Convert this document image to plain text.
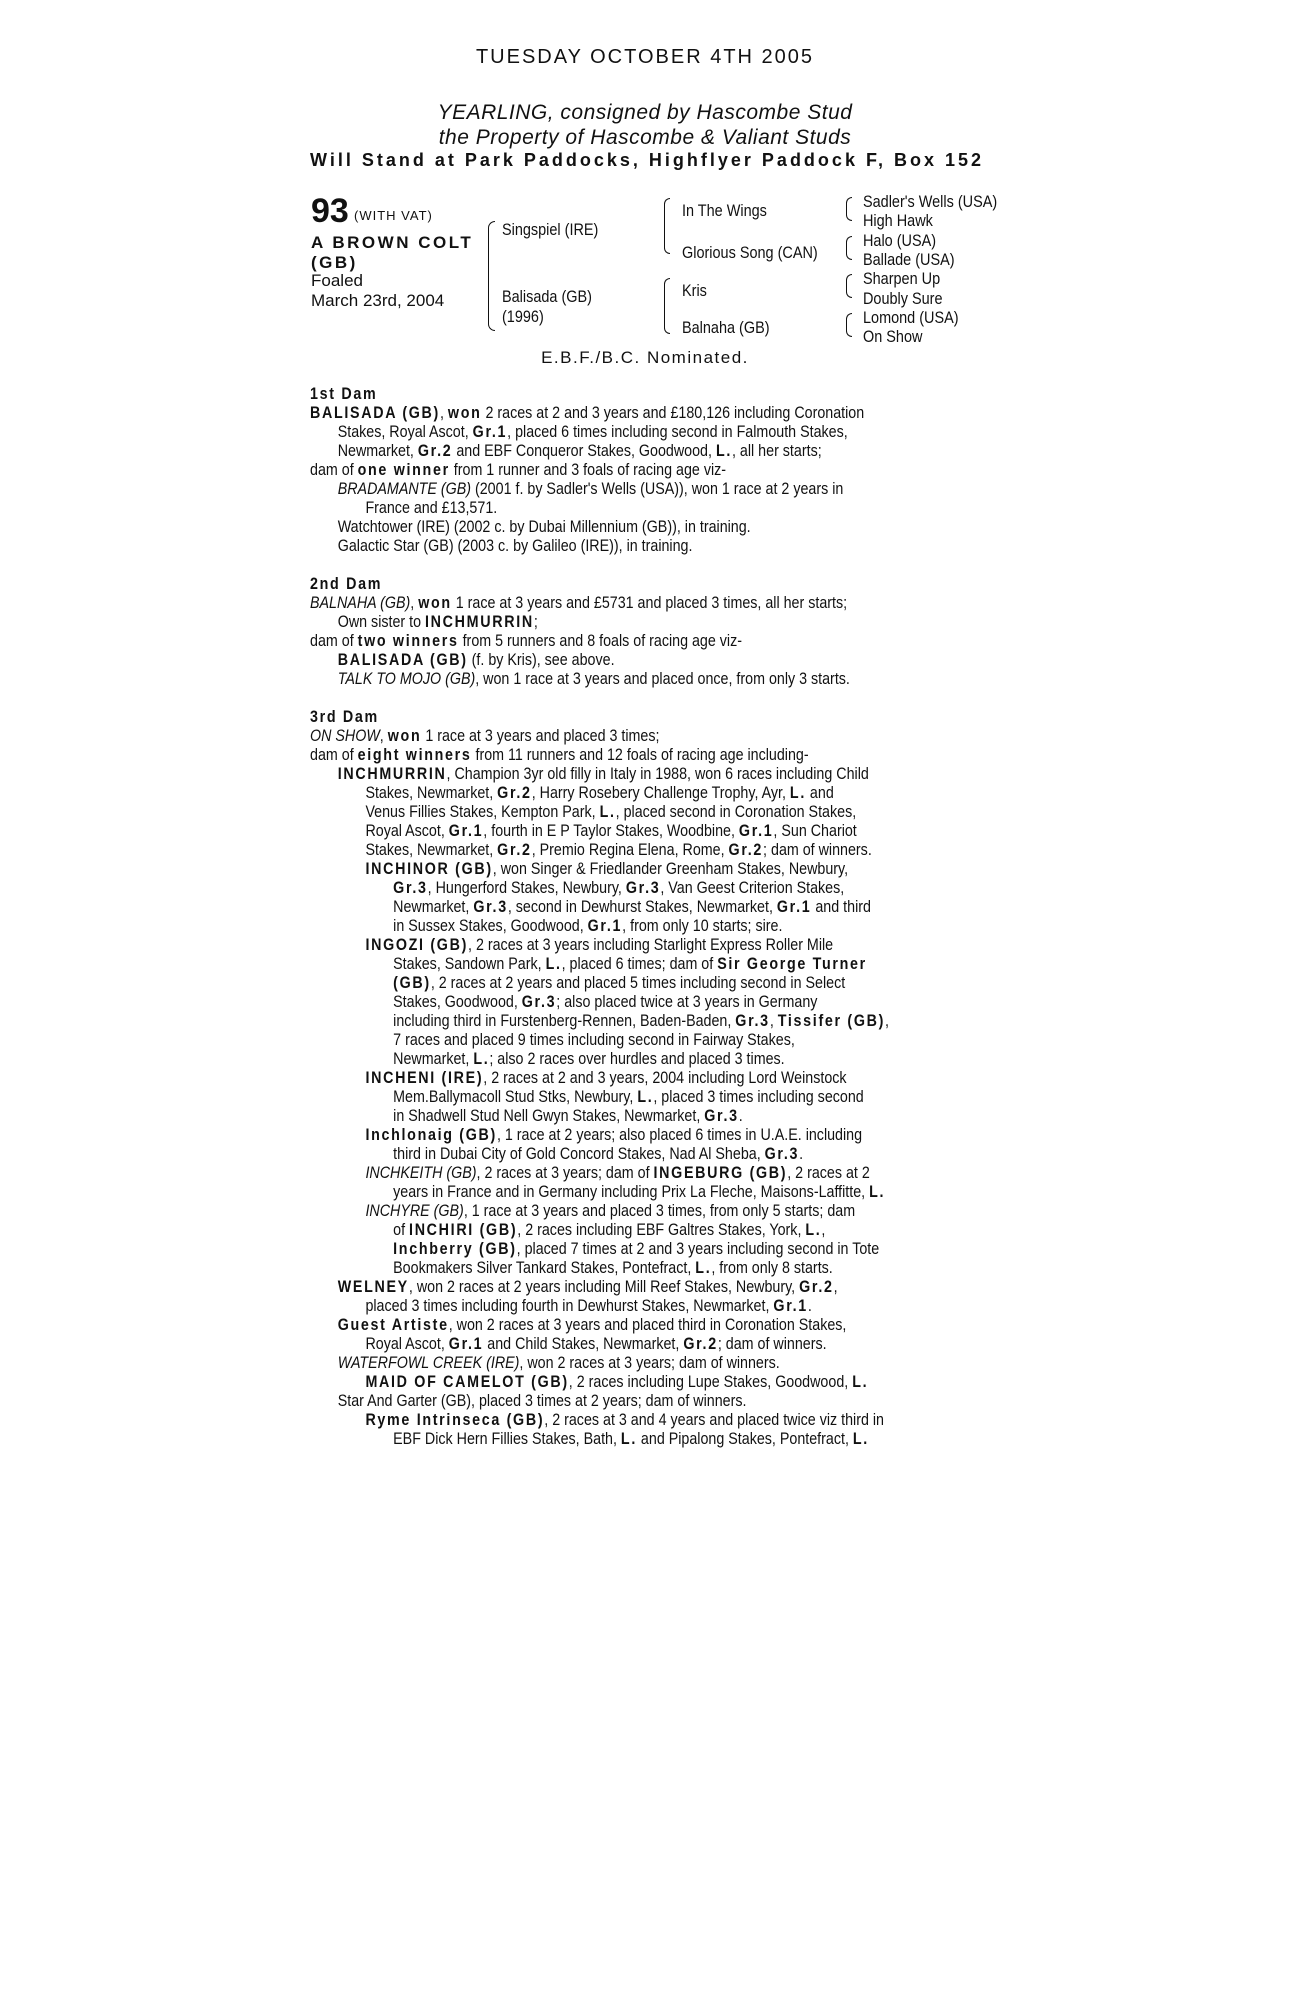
TUESDAY OCTOBER 4TH 2005
YEARLING, consigned by Hascombe Stud
the Property of Hascombe & Valiant Studs
Will Stand at Park Paddocks, Highflyer Paddock F, Box 152
93 (WITH VAT)
A BROWN COLT
(GB)
Foaled
March 23rd, 2004
Singspiel (IRE)
Balisada (GB)
(1996)
In The Wings
Glorious Song (CAN)
Kris
Balnaha (GB)
Sadler's Wells (USA)
High Hawk
Halo (USA)
Ballade (USA)
Sharpen Up
Doubly Sure
Lomond (USA)
On Show
E.B.F./B.C. Nominated.
1st Dam
BALISADA (GB), won 2 races at 2 and 3 years and £180,126 including Coronation
Stakes, Royal Ascot, Gr.1, placed 6 times including second in Falmouth Stakes,
Newmarket, Gr.2 and EBF Conqueror Stakes, Goodwood, L., all her starts;
dam of one winner from 1 runner and 3 foals of racing age viz-
BRADAMANTE (GB) (2001 f. by Sadler's Wells (USA)), won 1 race at 2 years in
France and £13,571.
Watchtower (IRE) (2002 c. by Dubai Millennium (GB)), in training.
Galactic Star (GB) (2003 c. by Galileo (IRE)), in training.
2nd Dam
BALNAHA (GB), won 1 race at 3 years and £5731 and placed 3 times, all her starts;
Own sister to INCHMURRIN;
dam of two winners from 5 runners and 8 foals of racing age viz-
BALISADA (GB) (f. by Kris), see above.
TALK TO MOJO (GB), won 1 race at 3 years and placed once, from only 3 starts.
3rd Dam
ON SHOW, won 1 race at 3 years and placed 3 times;
dam of eight winners from 11 runners and 12 foals of racing age including-
INCHMURRIN, Champion 3yr old filly in Italy in 1988, won 6 races including Child
Stakes, Newmarket, Gr.2, Harry Rosebery Challenge Trophy, Ayr, L. and
Venus Fillies Stakes, Kempton Park, L., placed second in Coronation Stakes,
Royal Ascot, Gr.1, fourth in E P Taylor Stakes, Woodbine, Gr.1, Sun Chariot
Stakes, Newmarket, Gr.2, Premio Regina Elena, Rome, Gr.2; dam of winners.
INCHINOR (GB), won Singer & Friedlander Greenham Stakes, Newbury,
Gr.3, Hungerford Stakes, Newbury, Gr.3, Van Geest Criterion Stakes,
Newmarket, Gr.3, second in Dewhurst Stakes, Newmarket, Gr.1 and third
in Sussex Stakes, Goodwood, Gr.1, from only 10 starts; sire.
INGOZI (GB), 2 races at 3 years including Starlight Express Roller Mile
Stakes, Sandown Park, L., placed 6 times; dam of Sir George Turner
(GB), 2 races at 2 years and placed 5 times including second in Select
Stakes, Goodwood, Gr.3; also placed twice at 3 years in Germany
including third in Furstenberg-Rennen, Baden-Baden, Gr.3, Tissifer (GB),
7 races and placed 9 times including second in Fairway Stakes,
Newmarket, L.; also 2 races over hurdles and placed 3 times.
INCHENI (IRE), 2 races at 2 and 3 years, 2004 including Lord Weinstock
Mem.Ballymacoll Stud Stks, Newbury, L., placed 3 times including second
in Shadwell Stud Nell Gwyn Stakes, Newmarket, Gr.3.
Inchlonaig (GB), 1 race at 2 years; also placed 6 times in U.A.E. including
third in Dubai City of Gold Concord Stakes, Nad Al Sheba, Gr.3.
INCHKEITH (GB), 2 races at 3 years; dam of INGEBURG (GB), 2 races at 2
years in France and in Germany including Prix La Fleche, Maisons-Laffitte, L.
INCHYRE (GB), 1 race at 3 years and placed 3 times, from only 5 starts; dam
of INCHIRI (GB), 2 races including EBF Galtres Stakes, York, L.,
Inchberry (GB), placed 7 times at 2 and 3 years including second in Tote
Bookmakers Silver Tankard Stakes, Pontefract, L., from only 8 starts.
WELNEY, won 2 races at 2 years including Mill Reef Stakes, Newbury, Gr.2,
placed 3 times including fourth in Dewhurst Stakes, Newmarket, Gr.1.
Guest Artiste, won 2 races at 3 years and placed third in Coronation Stakes,
Royal Ascot, Gr.1 and Child Stakes, Newmarket, Gr.2; dam of winners.
WATERFOWL CREEK (IRE), won 2 races at 3 years; dam of winners.
MAID OF CAMELOT (GB), 2 races including Lupe Stakes, Goodwood, L.
Star And Garter (GB), placed 3 times at 2 years; dam of winners.
Ryme Intrinseca (GB), 2 races at 3 and 4 years and placed twice viz third in
EBF Dick Hern Fillies Stakes, Bath, L. and Pipalong Stakes, Pontefract, L.
